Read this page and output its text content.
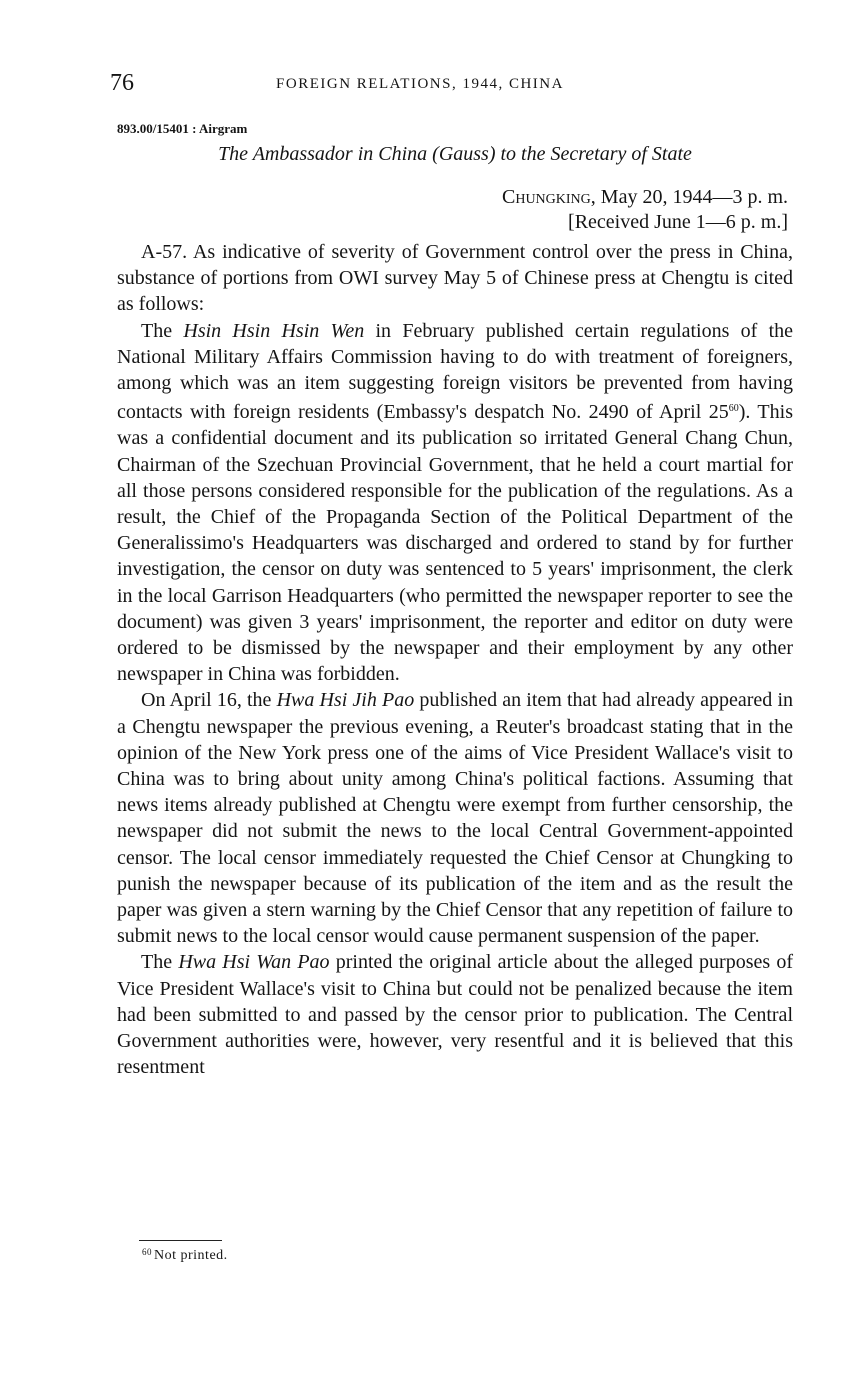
76	FOREIGN RELATIONS, 1944, CHINA
893.00/15401 : Airgram
The Ambassador in China (Gauss) to the Secretary of State
Chungking, May 20, 1944—3 p. m.
[Received June 1—6 p. m.]

A-57. As indicative of severity of Government control over the press in China, substance of portions from OWI survey May 5 of Chinese press at Chengtu is cited as follows:

The Hsin Hsin Hsin Wen in February published certain regulations of the National Military Affairs Commission having to do with treatment of foreigners, among which was an item suggesting foreign visitors be prevented from having contacts with foreign residents (Embassy's despatch No. 2490 of April $25^{60}$). This was a confidential document and its publication so irritated General Chang Chun, Chairman of the Szechuan Provincial Government, that he held a court martial for all those persons considered responsible for the publication of the regulations. As a result, the Chief of the Propaganda Section of the Political Department of the Generalissimo's Headquarters was discharged and ordered to stand by for further investigation, the censor on duty was sentenced to 5 years' imprisonment, the clerk in the local Garrison Headquarters (who permitted the newspaper reporter to see the document) was given 3 years' imprisonment, the reporter and editor on duty were ordered to be dismissed by the newspaper and their employment by any other newspaper in China was forbidden.

On April 16, the Hwa Hsi Jih Pao published an item that had already appeared in a Chengtu newspaper the previous evening, a Reuter's broadcast stating that in the opinion of the New York press one of the aims of Vice President Wallace's visit to China was to bring about unity among China's political factions. Assuming that news items already published at Chengtu were exempt from further censorship, the newspaper did not submit the news to the local Central Government-appointed censor. The local censor immediately requested the Chief Censor at Chungking to punish the newspaper because of its publication of the item and as the result the paper was given a stern warning by the Chief Censor that any repetition of failure to submit news to the local censor would cause permanent suspension of the paper.

The Hwa Hsi Wan Pao printed the original article about the alleged purposes of Vice President Wallace's visit to China but could not be penalized because the item had been submitted to and passed by the censor prior to publication. The Central Government authorities were, however, very resentful and it is believed that this resentment

$^{60}$ Not printed.
